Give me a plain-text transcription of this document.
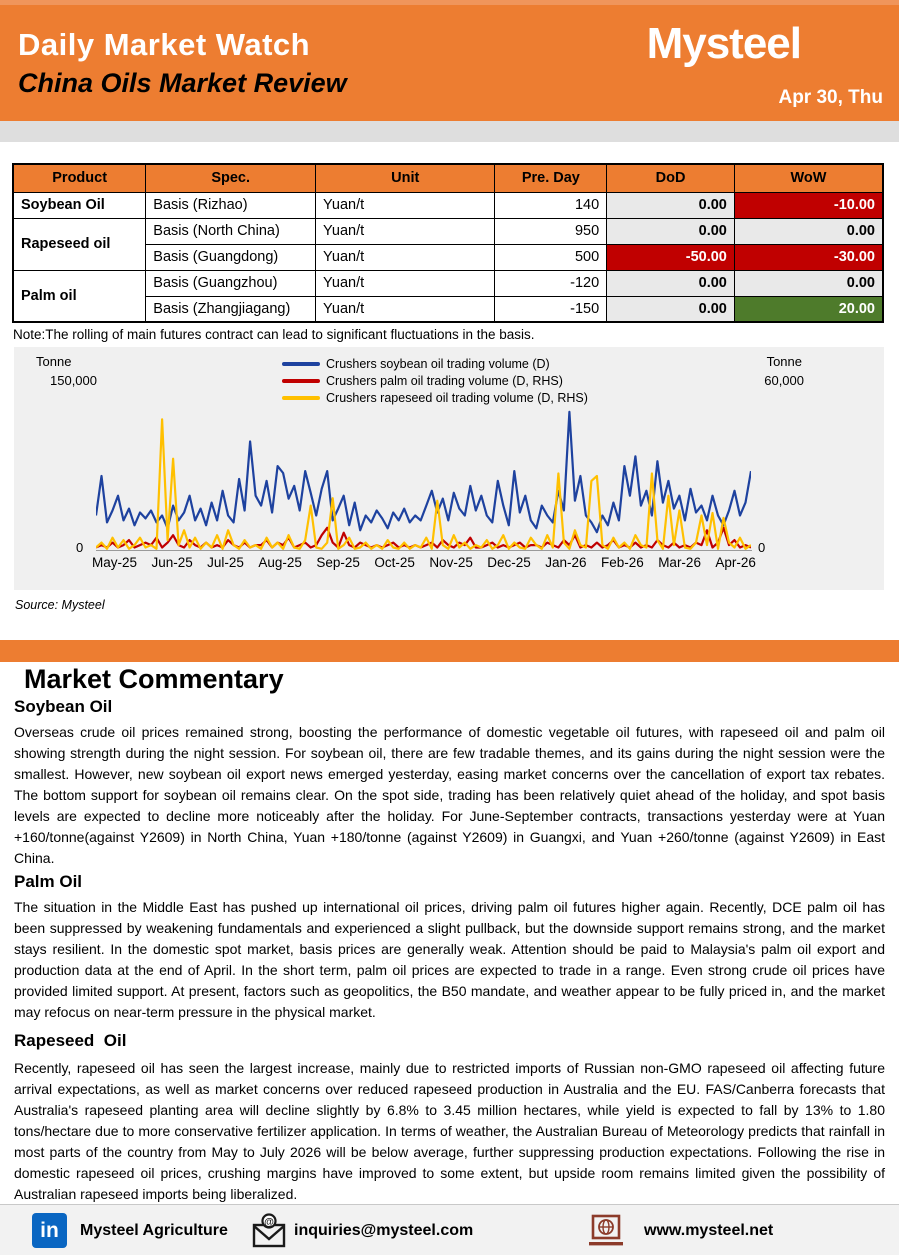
Daily Market Watch
China Oils Market Review
Mysteel
Apr 30, Thu
Product	Spec.	Unit	Pre. Day	DoD	WoW
Soybean Oil	Basis (Rizhao)	Yuan/t	140	0.00	-10.00
Rapeseed oil	Basis (North China)	Yuan/t	950	0.00	0.00
	Basis (Guangdong)	Yuan/t	500	-50.00	-30.00
Palm oil	Basis (Guangzhou)	Yuan/t	-120	0.00	0.00
	Basis (Zhangjiagang)	Yuan/t	-150	0.00	20.00
Note:The rolling of main futures contract can lead to significant fluctuations in the basis.
Tonne
150,000
Tonne
60,000
Crushers soybean oil trading volume (D)
Crushers palm oil trading volume (D, RHS)
Crushers rapeseed oil trading volume (D, RHS)
0	0
May-25 Jun-25 Jul-25 Aug-25 Sep-25 Oct-25 Nov-25 Dec-25 Jan-26 Feb-26 Mar-26 Apr-26
Source: Mysteel
Market Commentary
Soybean Oil
Overseas crude oil prices remained strong, boosting the performance of domestic vegetable oil futures, with rapeseed oil and palm oil showing strength during the night session. For soybean oil, there are few tradable themes, and its gains during the night session were the smallest. However, new soybean oil export news emerged yesterday, easing market concerns over the cancellation of export tax rebates. The bottom support for soybean oil remains clear. On the spot side, trading has been relatively quiet ahead of the holiday, and spot basis levels are expected to decline more noticeably after the holiday. For June-September contracts, transactions yesterday were at Yuan +160/tonne(against Y2609) in North China, Yuan +180/tonne (against Y2609) in Guangxi, and Yuan +260/tonne (against Y2609) in East China.
Palm Oil
The situation in the Middle East has pushed up international oil prices, driving palm oil futures higher again. Recently, DCE palm oil has been suppressed by weakening fundamentals and experienced a slight pullback, but the downside support remains strong, and the market stays resilient. In the domestic spot market, basis prices are generally weak. Attention should be paid to Malaysia's palm oil export and production data at the end of April. In the short term, palm oil prices are expected to trade in a range. Even strong crude oil prices have provided limited support. At present, factors such as geopolitics, the B50 mandate, and weather appear to be fully priced in, and the market may refocus on near-term pressure in the physical market.
Rapeseed  Oil
Recently, rapeseed oil has seen the largest increase, mainly due to restricted imports of Russian non-GMO rapeseed oil affecting future arrival expectations, as well as market concerns over reduced rapeseed production in Australia and the EU. FAS/Canberra forecasts that Australia's rapeseed planting area will decline slightly by 6.8% to 3.45 million hectares, while yield is expected to fall by 13% to 1.80 tons/hectare due to more conservative fertilizer application. In terms of weather, the Australian Bureau of Meteorology predicts that rainfall in most parts of the country from May to July 2026 will be below average, further suppressing production expectations. Following the rise in domestic rapeseed oil prices, crushing margins have improved to some extent, but upside room remains limited given the possibility of Australian rapeseed imports being liberalized.
in	Mysteel Agriculture	@ inquiries@mysteel.com	www.mysteel.net
